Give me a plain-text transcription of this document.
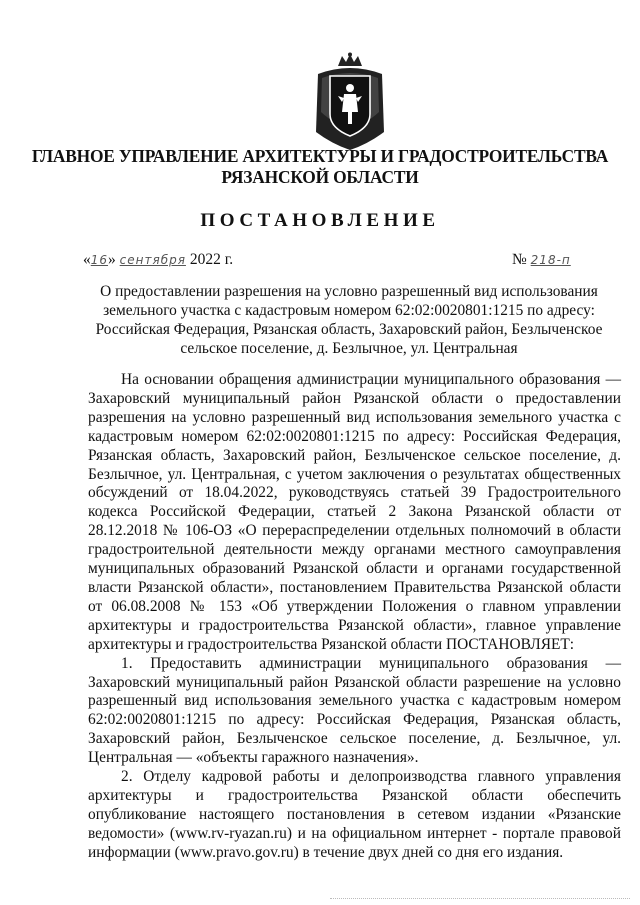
ГЛАВНОЕ УПРАВЛЕНИЕ АРХИТЕКТУРЫ И ГРАДОСТРОИТЕЛЬСТВА
РЯЗАНСКОЙ ОБЛАСТИ
ПОСТАНОВЛЕНИЕ
«16» сентября 2022 г.	№ 218-п
О предоставлении разрешения на условно разрешенный вид использования
земельного участка с кадастровым номером 62:02:0020801:1215 по адресу:
Российская Федерация, Рязанская область, Захаровский район, Безлыченское
сельское поселение, д. Безлычное, ул. Центральная

На основании обращения администрации муниципального образования — Захаровский муниципальный район Рязанской области о предоставлении разрешения на условно разрешенный вид использования земельного участка с кадастровым номером 62:02:0020801:1215 по адресу: Российская Федерация, Рязанская область, Захаровский район, Безлыченское сельское поселение, д. Безлычное, ул. Центральная, с учетом заключения о результатах общественных обсуждений от 18.04.2022, руководствуясь статьей 39 Градостроительного кодекса Российской Федерации, статьей 2 Закона Рязанской области от 28.12.2018 № 106-ОЗ «О перераспределении отдельных полномочий в области градостроительной деятельности между органами местного самоуправления муниципальных образований Рязанской области и органами государственной власти Рязанской области», постановлением Правительства Рязанской области от 06.08.2008 № 153 «Об утверждении Положения о главном управлении архитектуры и градостроительства Рязанской области», главное управление архитектуры и градостроительства Рязанской области ПОСТАНОВЛЯЕТ:

1. Предоставить администрации муниципального образования — Захаровский муниципальный район Рязанской области разрешение на условно разрешенный вид использования земельного участка с кадастровым номером 62:02:0020801:1215 по адресу: Российская Федерация, Рязанская область, Захаровский район, Безлыченское сельское поселение, д. Безлычное, ул. Центральная — «объекты гаражного назначения».

2. Отделу кадровой работы и делопроизводства главного управления архитектуры и градостроительства Рязанской области обеспечить опубликование настоящего постановления в сетевом издании «Рязанские ведомости» (www.rv-ryazan.ru) и на официальном интернет - портале правовой информации (www.pravo.gov.ru) в течение двух дней со дня его издания.
